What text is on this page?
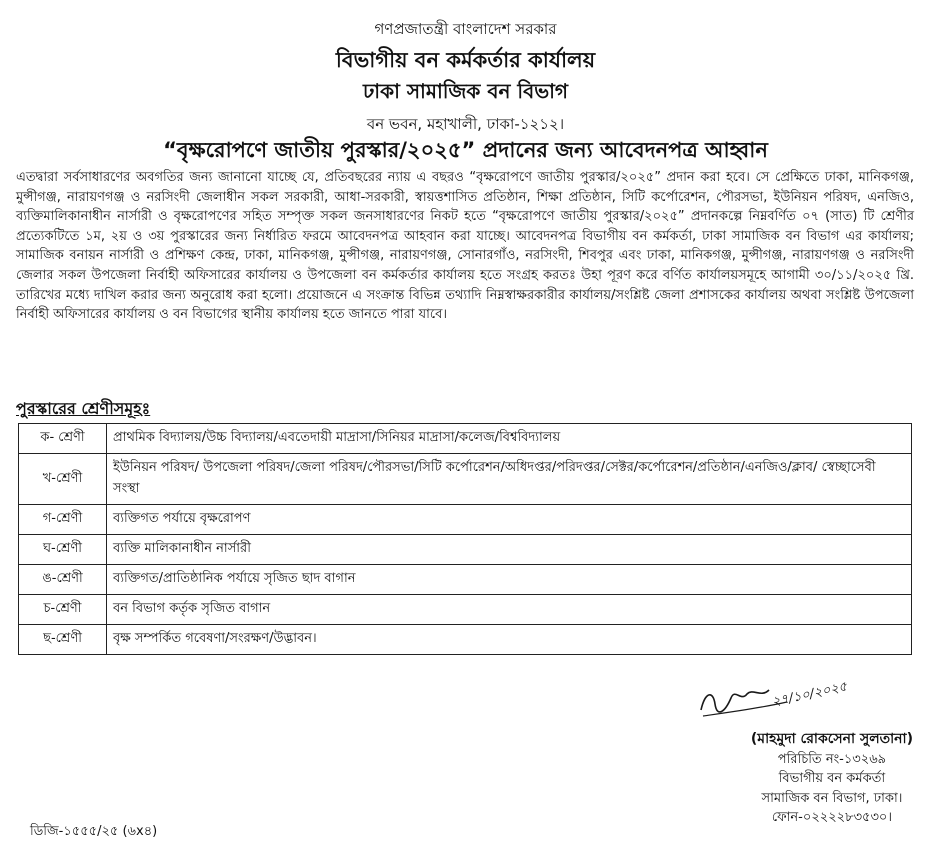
গণপ্রজাতন্ত্রী বাংলাদেশ সরকার
বিভাগীয় বন কর্মকর্তার কার্যালয়
ঢাকা সামাজিক বন বিভাগ
বন ভবন, মহাখালী, ঢাকা-১২১২।
“বৃক্ষরোপণে জাতীয় পুরস্কার/২০২৫” প্রদানের জন্য আবেদনপত্র আহ্বান

এতদ্বারা সর্বসাধারণের অবগতির জন্য জানানো যাচ্ছে যে, প্রতিবছরের ন্যায় এ বছরও “বৃক্ষরোপণে জাতীয় পুরস্কার/২০২৫” প্রদান করা হবে। সে প্রেক্ষিতে ঢাকা, মানিকগঞ্জ, মুন্সীগঞ্জ, নারায়ণগঞ্জ ও নরসিংদী জেলাধীন সকল সরকারী, আধা-সরকারী, স্বায়ত্তশাসিত প্রতিষ্ঠান, শিক্ষা প্রতিষ্ঠান, সিটি কর্পোরেশন, পৌরসভা, ইউনিয়ন পরিষদ, এনজিও, ব্যক্তিমালিকানাধীন নার্সারী ও বৃক্ষরোপণের সহিত সম্পৃক্ত সকল জনসাধারণের নিকট হতে “বৃক্ষরোপণে জাতীয় পুরস্কার/২০২৫” প্রদানকল্পে নিম্নবর্ণিত ০৭ (সাত) টি শ্রেণীর প্রত্যেকটিতে ১ম, ২য় ও ৩য় পুরস্কারের জন্য নির্ধারিত ফরমে আবেদনপত্র আহবান করা যাচ্ছে। আবেদনপত্র বিভাগীয় বন কর্মকর্তা, ঢাকা সামাজিক বন বিভাগ এর কার্যালয়; সামাজিক বনায়ন নার্সারী ও প্রশিক্ষণ কেন্দ্র, ঢাকা, মানিকগঞ্জ, মুন্সীগঞ্জ, নারায়ণগঞ্জ, সোনারগাঁও, নরসিংদী, শিবপুর এবং ঢাকা, মানিকগঞ্জ, মুন্সীগঞ্জ, নারায়ণগঞ্জ ও নরসিংদী জেলার সকল উপজেলা নির্বাহী অফিসারের কার্যালয় ও উপজেলা বন কর্মকর্তার কার্যালয় হতে সংগ্রহ করতঃ উহা পূরণ করে বর্ণিত কার্যালয়সমূহে আগামী ৩০/১১/২০২৫ খ্রি. তারিখের মধ্যে দাখিল করার জন্য অনুরোধ করা হলো। প্রয়োজনে এ সংক্রান্ত বিভিন্ন তথ্যাদি নিম্নস্বাক্ষরকারীর কার্যালয়/সংশ্লিষ্ট জেলা প্রশাসকের কার্যালয় অথবা সংশ্লিষ্ট উপজেলা নির্বাহী অফিসারের কার্যালয় ও বন বিভাগের স্থানীয় কার্যালয় হতে জানতে পারা যাবে।

পুরস্কারের শ্রেণীসমূহঃ

ক- শ্রেণী	প্রাথমিক বিদ্যালয়/উচ্চ বিদ্যালয়/এবতেদায়ী মাদ্রাসা/সিনিয়র মাদ্রাসা/কলেজ/বিশ্ববিদ্যালয়
খ-শ্রেণী	ইউনিয়ন পরিষদ/ উপজেলা পরিষদ/জেলা পরিষদ/পৌরসভা/সিটি কর্পোরেশন/অধিদপ্তর/পরিদপ্তর/সেক্টর/কর্পোরেশন/প্রতিষ্ঠান/এনজিও/ক্লাব/ স্বেচ্ছাসেবী সংস্থা
গ-শ্রেণী	ব্যক্তিগত পর্যায়ে বৃক্ষরোপণ
ঘ-শ্রেণী	ব্যক্তি মালিকানাধীন নার্সারী
ঙ-শ্রেণী	ব্যক্তিগত/প্রাতিষ্ঠানিক পর্যায়ে সৃজিত ছাদ বাগান
চ-শ্রেণী	বন বিভাগ কর্তৃক সৃজিত বাগান
ছ-শ্রেণী	বৃক্ষ সম্পর্কিত গবেষণা/সংরক্ষণ/উদ্ভাবন।
২৭/১০/২০২৫
(মাহমুদা রোকসেনা সুলতানা)
পরিচিতি নং-১৩২৬৯
বিভাগীয় বন কর্মকর্তা
সামাজিক বন বিভাগ, ঢাকা।
ফোন-০২২২২৮৩৫৩০।
ডিজি-১৫৫৫/২৫ (৬x৪)
